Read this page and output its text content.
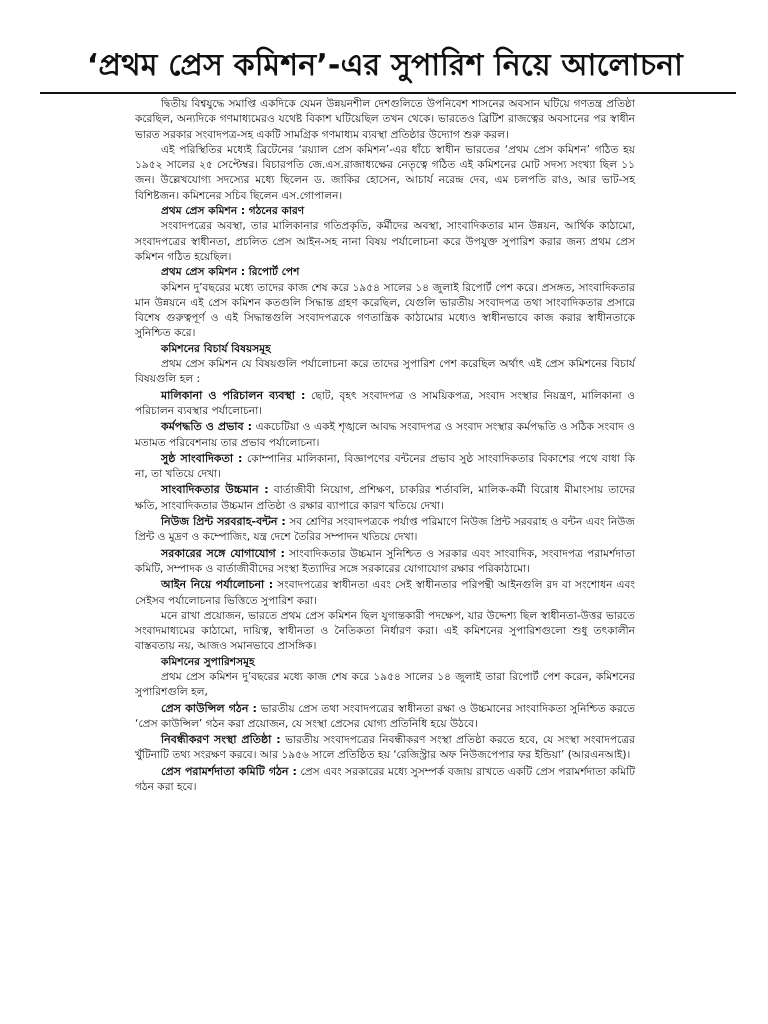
‘প্রথম প্রেস কমিশন’-এর সুপারিশ নিয়ে আলোচনা

দ্বিতীয় বিশ্বযুদ্ধে সমাপ্তি একদিকে যেমন উন্নয়নশীল দেশগুলিতে উপনিবেশ শাসনের অবসান ঘটিয়ে গণতন্ত্র প্রতিষ্ঠা করেছিল, অন্যদিকে গণমাধ্যমেরও যথেষ্ট বিকাশ ঘটিয়েছিল তখন থেকে। ভারতেও ব্রিটিশ রাজত্বের অবসানের পর স্বাধীন ভারত সরকার সংবাদপত্র-সহ একটি সামগ্রিক গণমাধ্যম ব্যবস্থা প্রতিষ্ঠার উদ্যোগ শুরু করল।

এই পরিস্থিতির মধ্যেই ব্রিটেনের ‘রয়্যাল প্রেস কমিশন’-এর ধাঁচে স্বাধীন ভারতের ‘প্রথম প্রেস কমিশন’ গঠিত হয় ১৯৫২ সালের ২৫ সেপ্টেম্বর। বিচারপতি জে.এস.রাজাধ্যক্ষের নেতৃত্বে গঠিত এই কমিশনের মোট সদস্য সংখ্যা ছিল ১১ জন। উল্লেখযোগ্য সদস্যের মধ্যে ছিলেন ড. জাকির হোসেন, আচার্য নরেন্দ্র দেব, এম চলপতি রাও, আর ভাট-সহ বিশিষ্টজন। কমিশনের সচিব ছিলেন এস.গোপালন।

প্রথম প্রেস কমিশন : গঠনের কারণ

সংবাদপত্রের অবস্থা, তার মালিকানার গতিপ্রকৃতি, কর্মীদের অবস্থা, সাংবাদিকতার মান উন্নয়ন, আর্থিক কাঠামো, সংবাদপত্রের স্বাধীনতা, প্রচলিত প্রেস আইন-সহ নানা বিষয় পর্যালোচনা করে উপযুক্ত সুপারিশ করার জন্য প্রথম প্রেস কমিশন গঠিত হয়েছিল।

প্রথম প্রেস কমিশন : রিপোর্ট পেশ

কমিশন দু’বছরের মধ্যে তাদের কাজ শেষ করে ১৯৫৪ সালের ১৪ জুলাই রিপোর্ট পেশ করে। প্রসঙ্গত, সাংবাদিকতার মান উন্নয়নে এই প্রেস কমিশন কতগুলি সিদ্ধান্ত গ্রহণ করেছিল, যেগুলি ভারতীয় সংবাদপত্র তথা সাংবাদিকতার প্রসারে বিশেষ গুরুত্বপূর্ণ ও এই সিদ্ধান্তগুলি সংবাদপত্রকে গণতান্ত্রিক কাঠামোর মধ্যেও স্বাধীনভাবে কাজ করার স্বাধীনতাকে সুনিশ্চিত করে।

কমিশনের বিচার্য বিষয়সমূহ

প্রথম প্রেস কমিশন যে বিষয়গুলি পর্যালোচনা করে তাদের সুপারিশ পেশ করেছিল অর্থাৎ এই প্রেস কমিশনের বিচার্য বিষয়গুলি হল :

মালিকানা ও পরিচালন ব্যবস্থা : ছোট, বৃহৎ সংবাদপত্র ও সাময়িকপত্র, সংবাদ সংস্থার নিয়ন্ত্রণ, মালিকানা ও পরিচালন ব্যবস্থার পর্যালোচনা।

কর্মপদ্ধতি ও প্রভাব : একচেটিয়া ও একই শৃঙ্খলে আবদ্ধ সংবাদপত্র ও সংবাদ সংস্থার কর্মপদ্ধতি ও সঠিক সংবাদ ও মতামত পরিবেশনায় তার প্রভাব পর্যালোচনা।

সুষ্ঠ সাংবাদিকতা : কোম্পানির মালিকানা, বিজ্ঞাপণের বন্টনের প্রভাব সুষ্ঠ সাংবাদিকতার বিকাশের পথে বাধা কি না, তা খতিয়ে দেখা।

সাংবাদিকতার উচ্চমান : বার্তাজীবী নিয়োগ, প্রশিক্ষণ, চাকরির শর্তাবলি, মালিক-কর্মী বিরোধ মীমাংসায় তাদের ক্ষতি, সাংবাদিকতার উচ্চমান প্রতিষ্ঠা ও রক্ষার ব্যাপারে কারণ খতিয়ে দেখা।

নিউজ প্রিন্ট সরবরাহ-বন্টন : সব শ্রেণির সংবাদপত্রকে পর্যাপ্ত পরিমাণে নিউজ প্রিন্ট সরবরাহ ও বন্টন এবং নিউজ প্রিন্ট ও মুদ্রণ ও কম্পোজিং, যন্ত্র দেশে তৈরির সম্পাদন খতিয়ে দেখা।

সরকারের সঙ্গে যোগাযোগ : সাংবাদিকতার উচ্চমান সুনিশ্চিত ও সরকার এবং সাংবাদিক, সংবাদপত্র পরামর্শদাতা কমিটি, সম্পাদক ও বার্তাজীবীদের সংস্থা ইত্যাদির সঙ্গে সরকারের যোগাযোগ রক্ষার পরিকাঠামো।

আইন নিয়ে পর্যালোচনা : সংবাদপত্রের স্বাধীনতা এবং সেই স্বাধীনতার পরিপন্থী আইনগুলি রদ বা সংশোধন এবং সেইসব পর্যালোচনার ভিত্তিতে সুপারিশ করা।

মনে রাখা প্রয়োজন, ভারতে প্রথম প্রেস কমিশন ছিল যুগান্তকারী পদক্ষেপ, যার উদ্দেশ্য ছিল স্বাধীনতা-উত্তর ভারতে সংবাদমাধ্যমের কাঠামো, দায়িত্ব, স্বাধীনতা ও নৈতিকতা নির্ধারণ করা। এই কমিশনের সুপারিশগুলো শুধু তৎকালীন বাস্তবতায় নয়, আজও সমানভাবে প্রাসঙ্গিক।

কমিশনের সুপারিশসমূহ

প্রথম প্রেস কমিশন দু’বছরের মধ্যে কাজ শেষ করে ১৯৫৪ সালের ১৪ জুলাই তারা রিপোর্ট পেশ করেন, কমিশনের সুপারিশগুলি হল,

প্রেস কাউন্সিল গঠন : ভারতীয় প্রেস তথা সংবাদপত্রের স্বাধীনতা রক্ষা ও উচ্চমানের সাংবাদিকতা সুনিশ্চিত করতে ‘প্রেস কাউন্সিল’ গঠন করা প্রয়োজন, যে সংস্থা প্রেসের যোগ্য প্রতিনিধি হয়ে উঠবে।

নিবন্ধীকরণ সংস্থা প্রতিষ্ঠা : ভারতীয় সংবাদপত্রের নিবন্ধীকরণ সংস্থা প্রতিষ্ঠা করতে হবে, যে সংস্থা সংবাদপত্রের খুঁটিনাটি তথ্য সংরক্ষণ করবে। আর ১৯৫৬ সালে প্রতিষ্ঠিত হয় ‘রেজিস্ট্রার অফ নিউজপেপার ফর ইন্ডিয়া’ (আরএনআই)।

প্রেস পরামর্শদাতা কমিটি গঠন : প্রেস এবং সরকারের মধ্যে সুসম্পর্ক বজায় রাখতে একটি প্রেস পরামর্শদাতা কমিটি গঠন করা হবে।
